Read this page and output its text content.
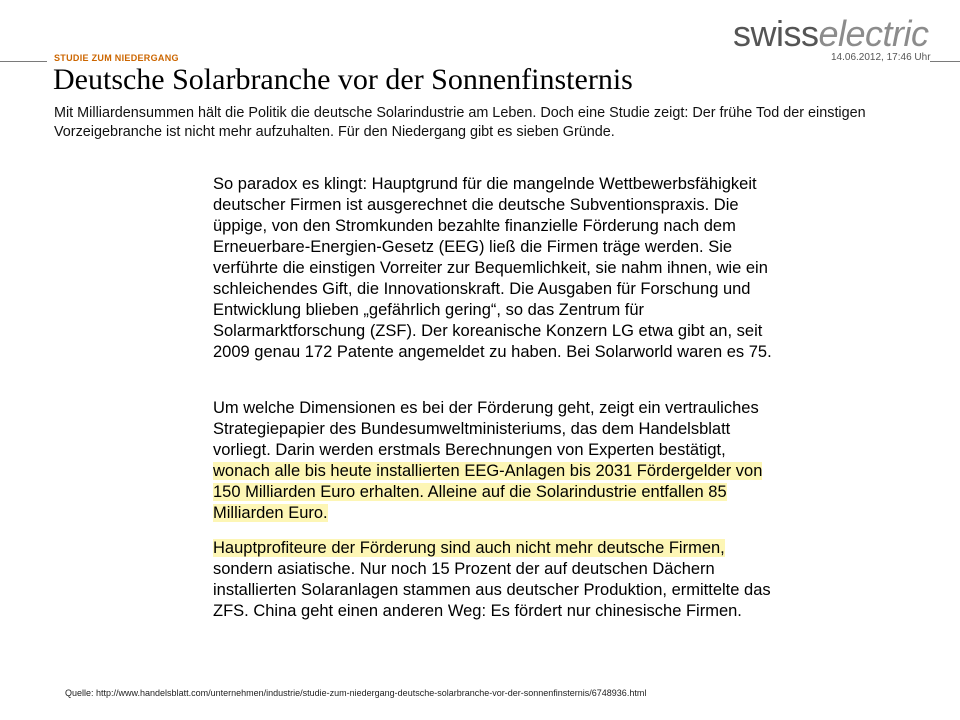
swisselectric
14.06.2012, 17:46 Uhr
STUDIE ZUM NIEDERGANG
Deutsche Solarbranche vor der Sonnenfinsternis
Mit Milliardensummen hält die Politik die deutsche Solarindustrie am Leben. Doch eine Studie zeigt: Der frühe Tod der einstigen Vorzeigebranche ist nicht mehr aufzuhalten. Für den Niedergang gibt es sieben Gründe.

So paradox es klingt: Hauptgrund für die mangelnde Wettbewerbsfähigkeit deutscher Firmen ist ausgerechnet die deutsche Subventionspraxis. Die üppige, von den Stromkunden bezahlte finanzielle Förderung nach dem Erneuerbare-Energien-Gesetz (EEG) ließ die Firmen träge werden. Sie verführte die einstigen Vorreiter zur Bequemlichkeit, sie nahm ihnen, wie ein schleichendes Gift, die Innovationskraft. Die Ausgaben für Forschung und Entwicklung blieben „gefährlich gering“, so das Zentrum für Solarmarktforschung (ZSF). Der koreanische Konzern LG etwa gibt an, seit 2009 genau 172 Patente angemeldet zu haben. Bei Solarworld waren es 75.

Um welche Dimensionen es bei der Förderung geht, zeigt ein vertrauliches Strategiepapier des Bundesumweltministeriums, das dem Handelsblatt vorliegt. Darin werden erstmals Berechnungen von Experten bestätigt, wonach alle bis heute installierten EEG-Anlagen bis 2031 Fördergelder von 150 Milliarden Euro erhalten. Alleine auf die Solarindustrie entfallen 85 Milliarden Euro.

Hauptprofiteure der Förderung sind auch nicht mehr deutsche Firmen, sondern asiatische. Nur noch 15 Prozent der auf deutschen Dächern installierten Solaranlagen stammen aus deutscher Produktion, ermittelte das ZFS. China geht einen anderen Weg: Es fördert nur chinesische Firmen.

Quelle: http://www.handelsblatt.com/unternehmen/industrie/studie-zum-niedergang-deutsche-solarbranche-vor-der-sonnenfinsternis/6748936.html
